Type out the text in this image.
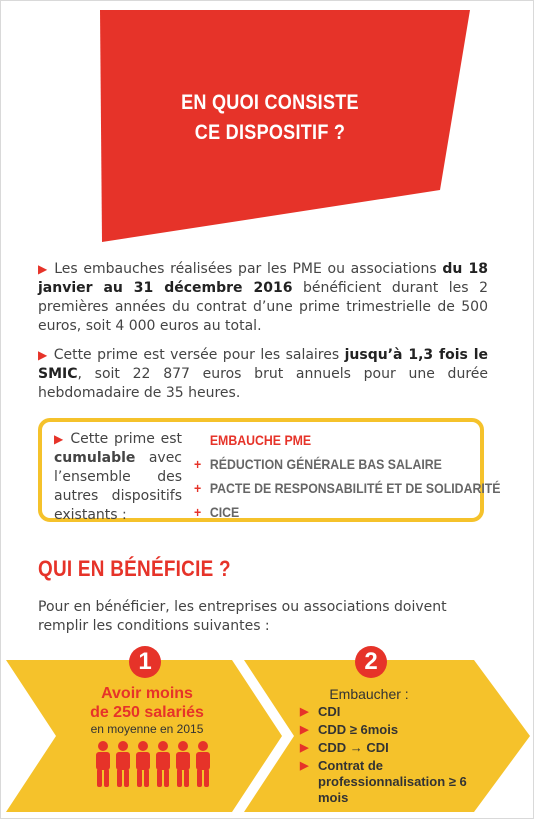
EN QUOI CONSISTE
CE DISPOSITIF ?
▶ Les embauches réalisées par les PME ou associations du 18 janvier au 31 décembre 2016 bénéficient durant les 2 premières années du contrat d’une prime trimestrielle de 500 euros, soit 4 000 euros au total.
▶ Cette prime est versée pour les salaires jusqu’à 1,3 fois le SMIC, soit 22 877 euros brut annuels pour une durée hebdomadaire de 35 heures.
▶ Cette prime est cumulable avec l’ensemble des autres dispositifs existants :
EMBAUCHE PME
+ RÉDUCTION GÉNÉRALE BAS SALAIRE
+ PACTE DE RESPONSABILITÉ ET DE SOLIDARITÉ
+ CICE
QUI EN BÉNÉFICIE ?
Pour en bénéficier, les entreprises ou associations doivent remplir les conditions suivantes :
1	2
Avoir moins
de 250 salariés
en moyenne en 2015
Embaucher :
▶ CDI
▶ CDD ≥ 6mois
▶ CDD → CDI
▶ Contrat de professionnalisation ≥ 6 mois
